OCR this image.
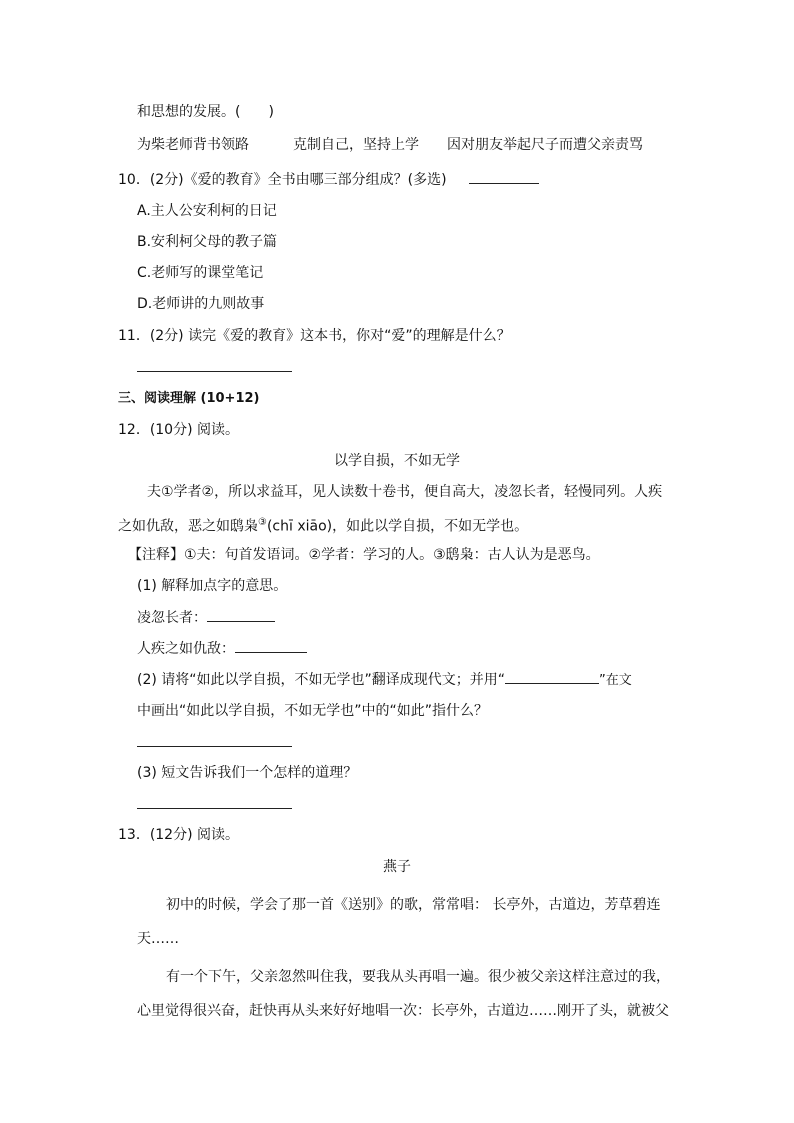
和思想的发展。(　　)
为柴老师背书领路	克制自己，坚持上学 因对朋友举起尺子而遭父亲责骂
10．(2分)《爱的教育》全书由哪三部分组成？(多选)
A.主人公安利柯的日记
B.安利柯父母的教子篇
C.老师写的课堂笔记
D.老师讲的九则故事
11．(2分) 读完《爱的教育》这本书，你对“爱”的理解是什么？
三、阅读理解 (10+12)
12．(10分) 阅读。
以学自损，不如无学
夫①学者②，所以求益耳，见人读数十卷书，便自高大，凌忽长者，轻慢同列。人疾
之如仇敌，恶之如鸱枭③(chī xiāo)，如此以学自损，不如无学也。
【注释】①夫：句首发语词。②学者：学习的人。③鸱枭：古人认为是恶鸟。
(1) 解释加点字的意思。
凌忽长者：
人疾之如仇敌：
(2) 请将“如此以学自损，不如无学也”翻译成现代文；并用“	”在文
中画出“如此以学自损，不如无学也”中的“如此”指什么？
(3) 短文告诉我们一个怎样的道理？
13．(12分) 阅读。
燕子
初中的时候，学会了那一首《送别》的歌，常常唱： 长亭外，古道边，芳草碧连
天……
有一个下午，父亲忽然叫住我，要我从头再唱一遍。很少被父亲这样注意过的我，
心里觉得很兴奋，赶快再从头来好好地唱一次：长亭外，古道边……刚开了头，就被父
